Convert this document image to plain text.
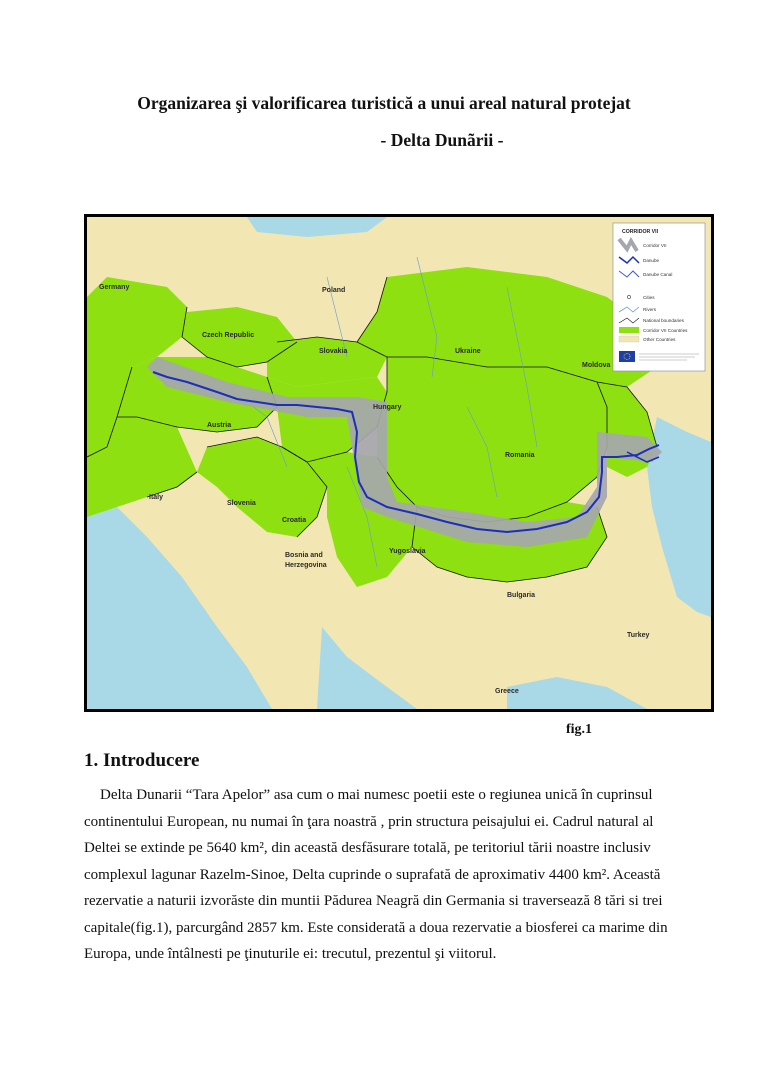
Organizarea şi valorificarea turistică a unui areal natural protejat
- Delta Dunãrii -
Germany	Poland
Czech Republic
Slovakia	Ukraine
Moldova
Austria
Hungary
Romania
Italy
Slovenia
Croatia
Bosnia and
Herzegovina
Yugoslavia
Bulgaria
Turkey
Greece
CORRIDOR VII
Corridor VII
Danube
Danube Canal
Cities
Rivers
National boundaries
Corridor VII Countries
Other Countries
fig.1
1. Introducere
Delta Dunarii “Tara Apelor” asa cum o mai numesc poetii este o regiunea unică în cuprinsul
continentului European, nu numai în ţara noastră , prin structura peisajului ei. Cadrul natural al
Deltei se extinde pe 5640 km², din această desfăsurare totală, pe teritoriul tării noastre inclusiv
complexul lagunar Razelm-Sinoe, Delta cuprinde o suprafată de aproximativ 4400 km². Această
rezervatie a naturii izvorăste din muntii Pădurea Neagră din Germania si traversează 8 tări si trei
capitale(fig.1), parcurgând 2857 km. Este considerată a doua rezervatie a biosferei ca marime din
Europa, unde întâlnesti pe ţinuturile ei: trecutul, prezentul şi viitorul.
